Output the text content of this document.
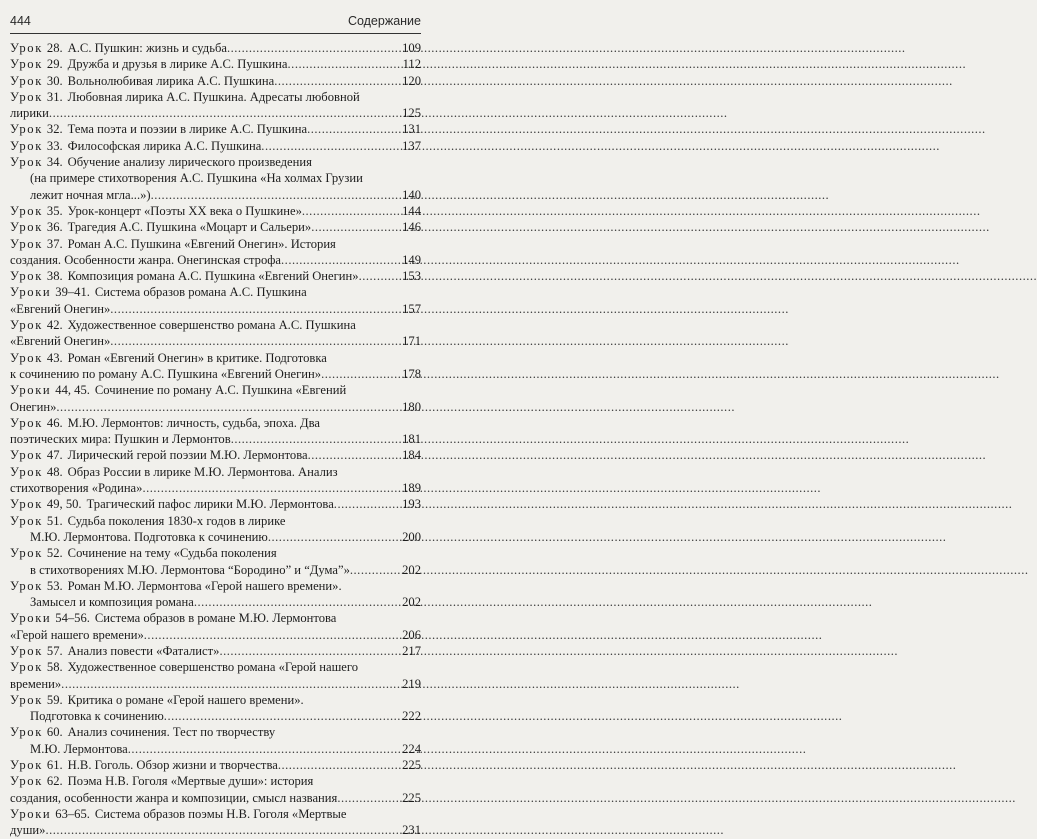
444	Содержание
Урок 28. А.С. Пушкин: жизнь и судьба .....	109
Урок 29. Дружба и друзья в лирике А.С. Пушкина .....	112
Урок 30. Вольнолюбивая лирика А.С. Пушкина .....	120
Урок 31. Любовная лирика А.С. Пушкина. Адресаты любовной
лирики .....	125
Урок 32. Тема поэта и поэзии в лирике А.С. Пушкина .....	131
Урок 33. Философская лирика А.С. Пушкина .....	137
Урок 34. Обучение анализу лирического произведения
(на примере стихотворения А.С. Пушкина «На холмах Грузии
лежит ночная мгла...») .....	140
Урок 35. Урок-концерт «Поэты XX века о Пушкине» .....	144
Урок 36. Трагедия А.С. Пушкина «Моцарт и Сальери» .....	146
Урок 37. Роман А.С. Пушкина «Евгений Онегин». История
создания. Особенности жанра. Онегинская строфа .....	149
Урок 38. Композиция романа А.С. Пушкина «Евгений Онегин» .....	153
Уроки 39–41. Система образов романа А.С. Пушкина
«Евгений Онегин» .....	157
Урок 42. Художественное совершенство романа А.С. Пушкина
«Евгений Онегин» .....	171
Урок 43. Роман «Евгений Онегин» в критике. Подготовка
к сочинению по роману А.С. Пушкина «Евгений Онегин» .....	178
Уроки 44, 45. Сочинение по роману А.С. Пушкина «Евгений
Онегин» .....	180
Урок 46. М.Ю. Лермонтов: личность, судьба, эпоха. Два
поэтических мира: Пушкин и Лермонтов .....	181
Урок 47. Лирический герой поэзии М.Ю. Лермонтова .....	184
Урок 48. Образ России в лирике М.Ю. Лермонтова. Анализ
стихотворения «Родина» .....	189
Урок 49, 50. Трагический пафос лирики М.Ю. Лермонтова .....	193
Урок 51. Судьба поколения 1830-х годов в лирике
М.Ю. Лермонтова. Подготовка к сочинению .....	200
Урок 52. Сочинение на тему «Судьба поколения
в стихотворениях М.Ю. Лермонтова “Бородино” и “Дума”» .....	202
Урок 53. Роман М.Ю. Лермонтова «Герой нашего времени».
Замысел и композиция романа .....	202
Уроки 54–56. Система образов в романе М.Ю. Лермонтова
«Герой нашего времени» .....	206
Урок 57. Анализ повести «Фаталист» .....	217
Урок 58. Художественное совершенство романа «Герой нашего
времени» .....	219
Урок 59. Критика о романе «Герой нашего времени».
Подготовка к сочинению .....	222
Урок 60. Анализ сочинения. Тест по творчеству
М.Ю. Лермонтова .....	224
Урок 61. Н.В. Гоголь. Обзор жизни и творчества .....	225
Урок 62. Поэма Н.В. Гоголя «Мертвые души»: история
создания, особенности жанра и композиции, смысл названия .....	225
Уроки 63–65. Система образов поэмы Н.В. Гоголя «Мертвые
души» .....	231
